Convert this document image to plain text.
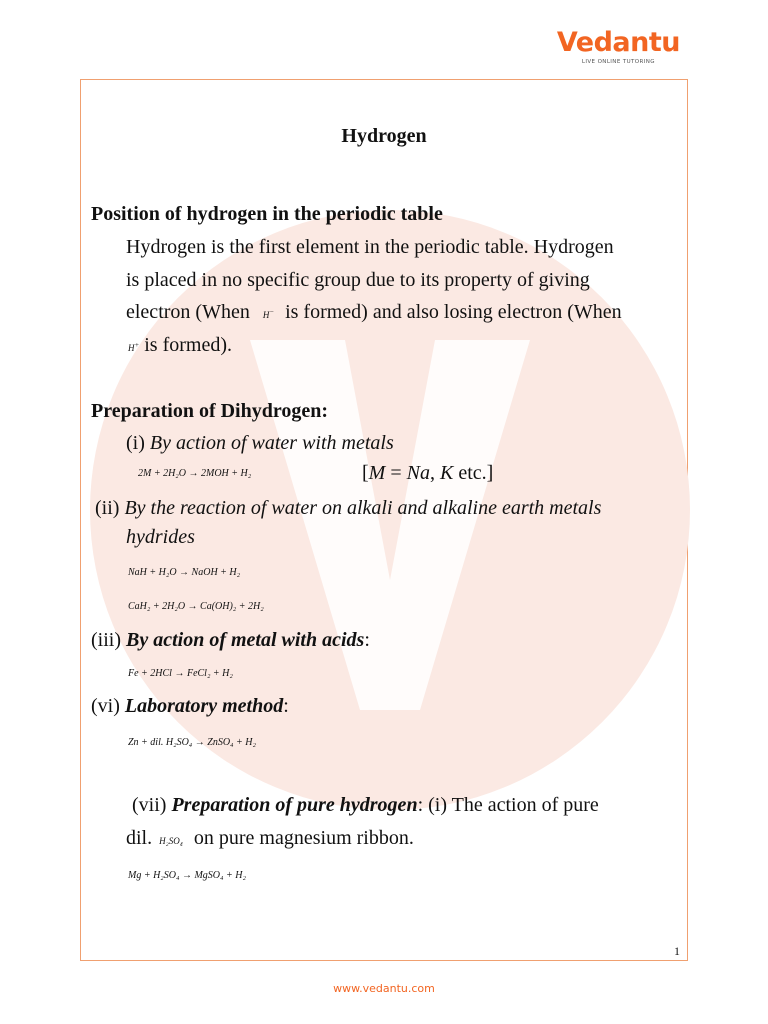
Vedantu
LIVE ONLINE TUTORING
Hydrogen
Position of hydrogen in the periodic table
Hydrogen is the first element in the periodic table. Hydrogen
is placed in no specific group due to its property of giving
electron (When H− is formed) and also losing electron (When
H+ is formed).
Preparation of Dihydrogen:
(i) By action of water with metals
2M + 2H₂O → 2MOH + H₂	[M = Na, K etc.]
(ii) By the reaction of water on alkali and alkaline earth metals
hydrides
NaH + H₂O → NaOH + H₂
CaH₂ + 2H₂O → Ca(OH)₂ + 2H₂
(iii) By action of metal with acids:
Fe + 2HCl → FeCl₂ + H₂
(vi) Laboratory method:
Zn + dil. H₂SO₄ → ZnSO₄ + H₂
(vii) Preparation of pure hydrogen: (i) The action of pure
dil. H₂SO₄ on pure magnesium ribbon.
Mg + H₂SO₄ → MgSO₄ + H₂
1
www.vedantu.com
